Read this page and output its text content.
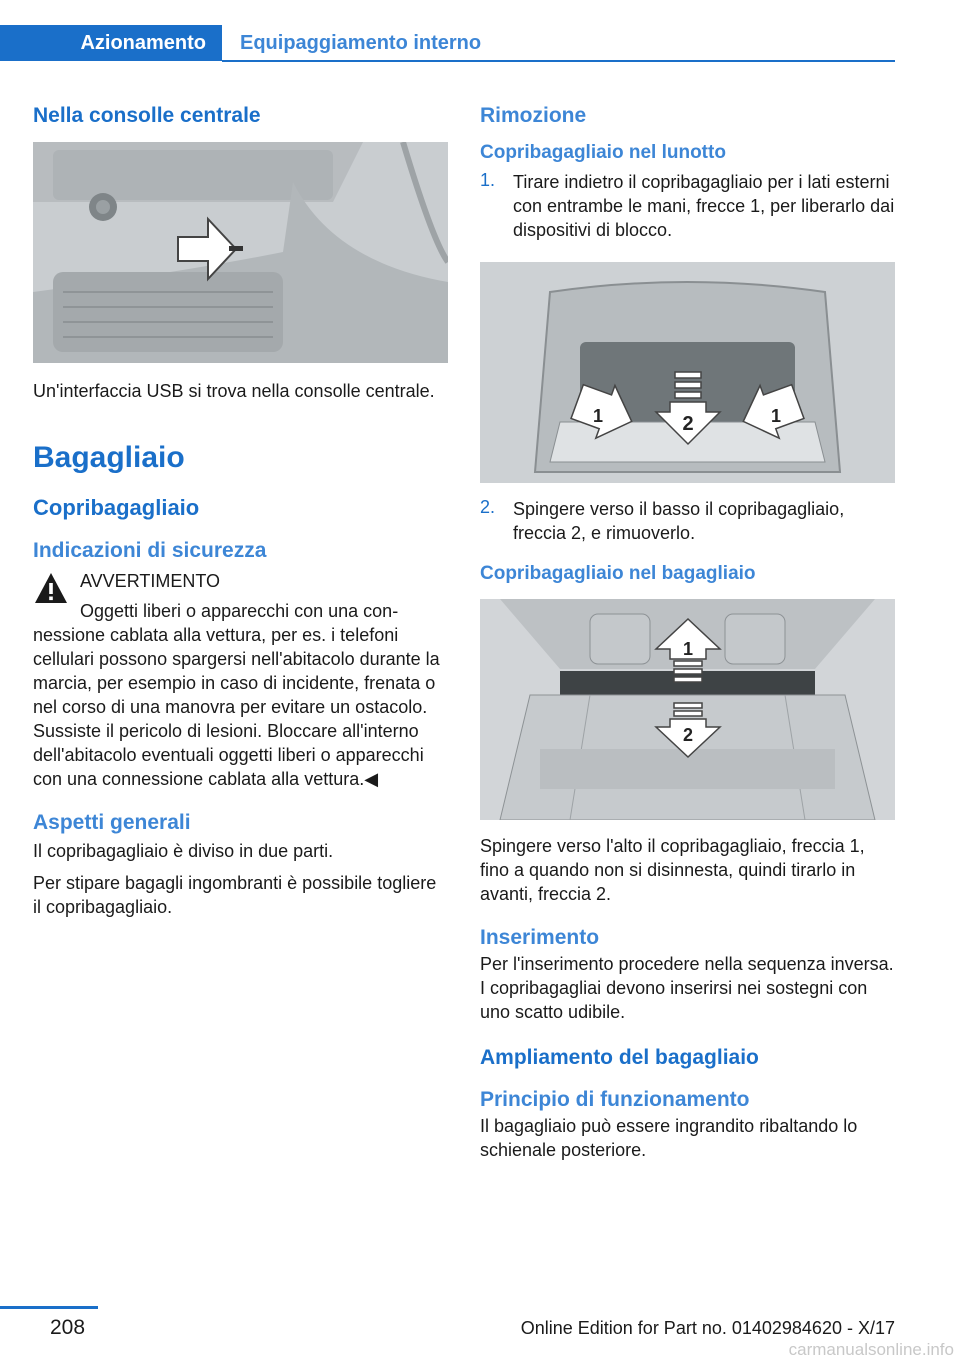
Azionamento	Equipaggiamento interno
Nella consolle centrale

Un'interfaccia USB si trova nella consolle centrale.

Bagagliaio
Copribagagliaio
Indicazioni di sicurezza

AVVERTIMENTO

Oggetti liberi o apparecchi con una connessione cablata alla vettura, per es. i telefoni cellulari possono spargersi nell'abitacolo durante la marcia, per esempio in caso di incidente, frenata o nel corso di una manovra per evitare un ostacolo. Sussiste il pericolo di lesioni. Bloccare all'interno dell'abitacolo eventuali oggetti liberi o apparecchi con una connessione cablata alla vettura.◀

Aspetti generali

Il copribagagliaio è diviso in due parti.

Per stipare bagagli ingombranti è possibile togliere il copribagagliaio.

Rimozione
Copribagagliaio nel lunotto
1. Tirare indietro il copribagagliaio per i lati esterni con entrambe le mani, frecce 1, per liberarlo dai dispositivi di blocco.

2
1	1
2. Spingere verso il basso il copribagagliaio, freccia 2, e rimuoverlo.

Copribagagliaio nel bagagliaio
1
2

Spingere verso l'alto il copribagagliaio, freccia 1, fino a quando non si disinnesta, quindi tirarlo in avanti, freccia 2.

Inserimento

Per l'inserimento procedere nella sequenza inversa. I copribagagliai devono inserirsi nei sostegni con uno scatto udibile.

Ampliamento del bagagliaio
Principio di funzionamento

Il bagagliaio può essere ingrandito ribaltando lo schienale posteriore.

208	Online Edition for Part no. 01402984620 - X/17
carmanualsonline.info
